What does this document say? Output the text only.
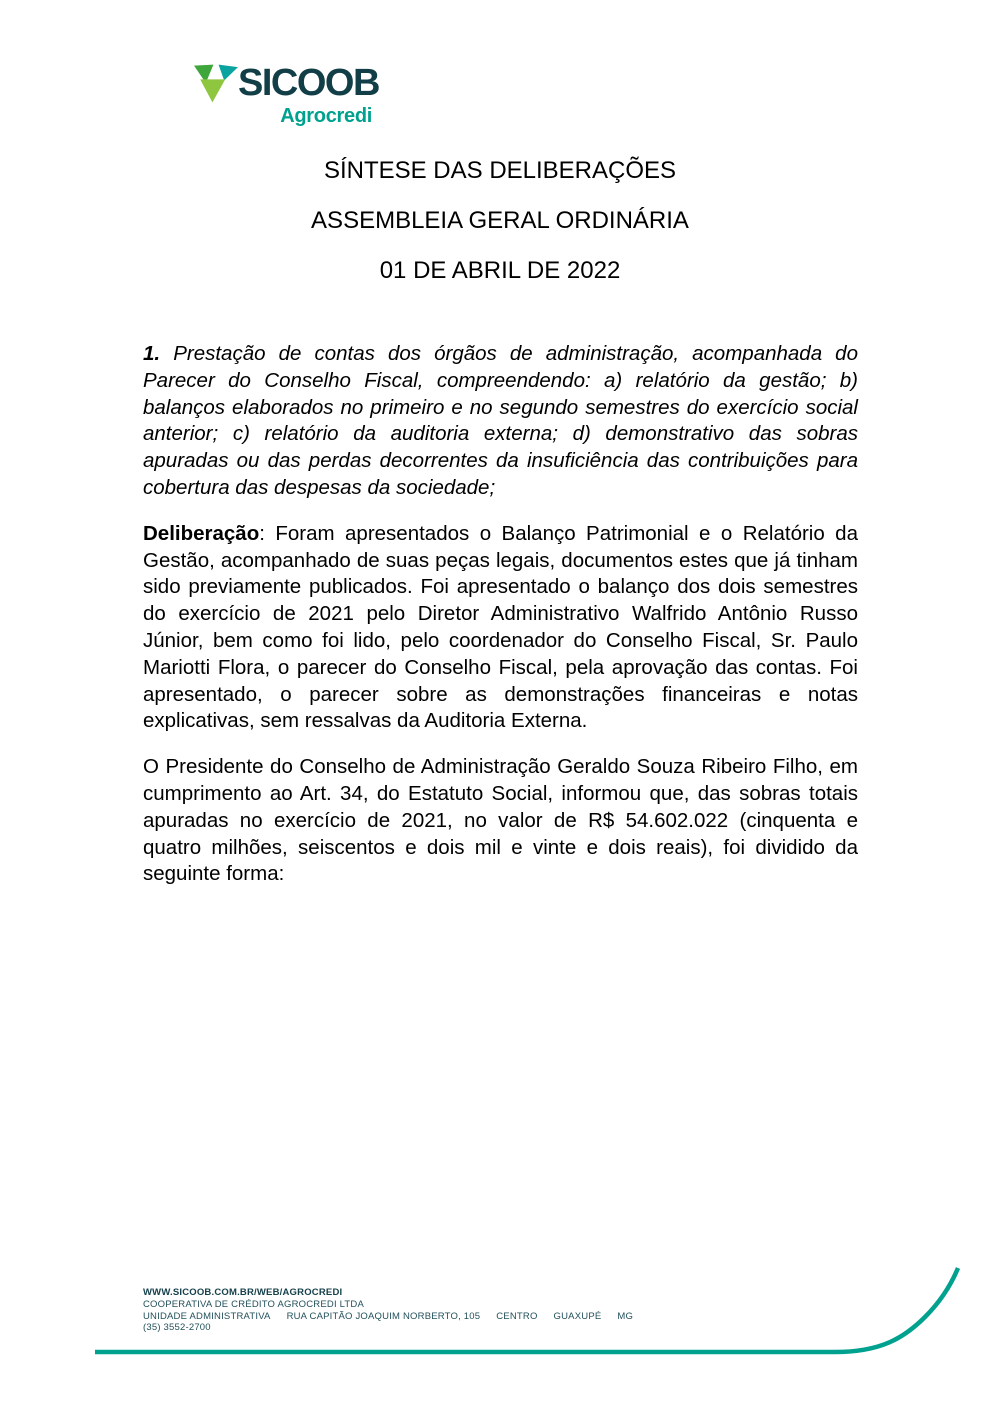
SICOOB
Agrocredi
SÍNTESE DAS DELIBERAÇÕES
ASSEMBLEIA GERAL ORDINÁRIA
01 DE ABRIL DE 2022

1. Prestação de contas dos órgãos de administração, acompanhada do Parecer do Conselho Fiscal, compreendendo: a) relatório da gestão; b) balanços elaborados no primeiro e no segundo semestres do exercício social anterior; c) relatório da auditoria externa; d) demonstrativo das sobras apuradas ou das perdas decorrentes da insuficiência das contribuições para cobertura das despesas da sociedade;

Deliberação: Foram apresentados o Balanço Patrimonial e o Relatório da Gestão, acompanhado de suas peças legais, documentos estes que já tinham sido previamente publicados. Foi apresentado o balanço dos dois semestres do exercício de 2021 pelo Diretor Administrativo Walfrido Antônio Russo Júnior, bem como foi lido, pelo coordenador do Conselho Fiscal, Sr. Paulo Mariotti Flora, o parecer do Conselho Fiscal, pela aprovação das contas. Foi apresentado, o parecer sobre as demonstrações financeiras e notas explicativas, sem ressalvas da Auditoria Externa.

O Presidente do Conselho de Administração Geraldo Souza Ribeiro Filho, em cumprimento ao Art. 34, do Estatuto Social, informou que, das sobras totais apuradas no exercício de 2021, no valor de R$ 54.602.022 (cinquenta e quatro milhões, seiscentos e dois mil e vinte e dois reais), foi dividido da seguinte forma:

WWW.SICOOB.COM.BR/WEB/AGROCREDI
COOPERATIVA DE CRÉDITO AGROCREDI LTDA
UNIDADE ADMINISTRATIVA RUA CAPITÃO JOAQUIM NORBERTO, 105 CENTRO GUAXUPÉ MG
(35) 3552-2700
